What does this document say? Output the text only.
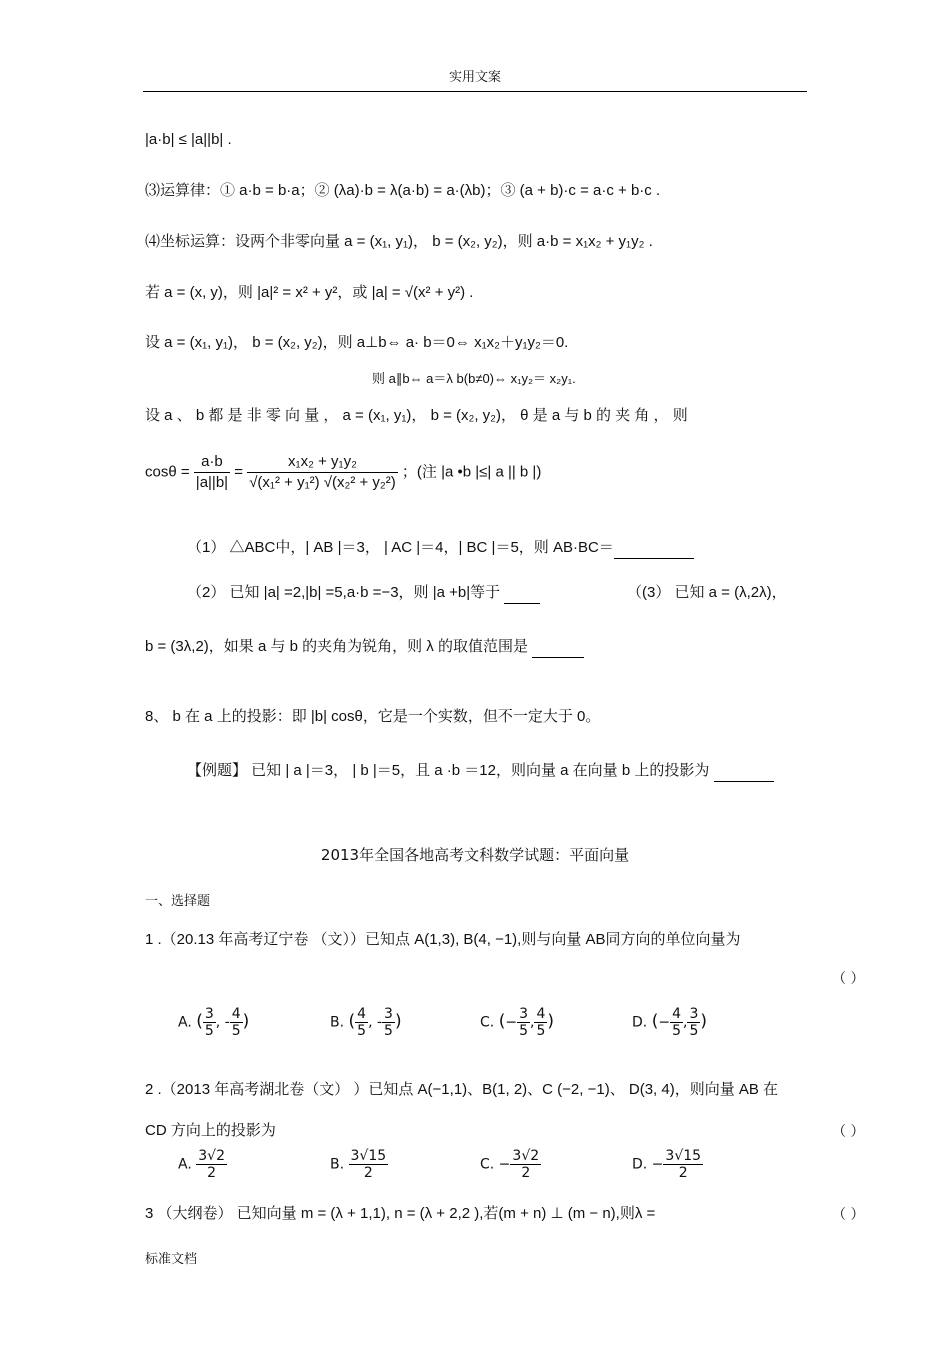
实用文案
|a·b| ≤ |a||b| .
⑶运算律：① a·b = b·a；② (λa)·b = λ(a·b) = a·(λb)；③ (a + b)·c = a·c + b·c .
⑷坐标运算：设两个非零向量 a = (x₁, y₁)， b = (x₂, y₂)，则 a·b = x₁x₂ + y₁y₂ .
若 a = (x, y)，则 |a|² = x² + y²，或 |a| = √(x² + y²) .
设 a = (x₁, y₁)， b = (x₂, y₂)，则 a⊥b⇔ a· b＝0⇔ x₁x₂＋y₁y₂＝0.
则 a∥b⇔ a＝λ b(b≠0)⇔ x₁y₂＝ x₂y₁.
设 a 、 b 都 是 非 零 向 量 ， a = (x₁, y₁)， b = (x₂, y₂)， θ 是 a 与 b 的 夹 角 ， 则
$\cos\theta = \frac{a\cdot b}{|a||b|} = \frac{\text{x₁x₂ + y₁y₂}}{\text{√(x₁² + y₁²) √(x₂² + y₂²)}}$ ；(注 |a •b |≤| a || b |)
（1） △ABC中，| AB |＝3， | AC |＝4，| BC |＝5，则 AB·BC＝
（2） 已知 |a| =2,|b| =5,a·b =−3，则 |a +b|等于	（(3） 已知 a = (λ,2λ)，
b = (3λ,2)，如果 a 与 b 的夹角为锐角，则 λ 的取值范围是
8、 b 在 a 上的投影：即 |b| cosθ，它是一个实数，但不一定大于 0。
【例题】 已知 | a |＝3， | b |＝5，且 a ·b ＝12，则向量 a 在向量 b 上的投影为
2013年全国各地高考文科数学试题：平面向量
一、选择题
1 .（20.13 年高考辽宁卷 （文））已知点 A(1,3), B(4, −1),则与向量 AB同方向的单位向量为
（ ）
A. ( $\frac{3}{5}$ , - $\frac{4}{5}$ )	B. ( $\frac{4}{5}$ , - $\frac{3}{5}$ )	C. (− $\frac{3}{5}$ , $\frac{4}{5}$ )	D. (− $\frac{4}{5}$ , $\frac{3}{5}$ )
2 .（2013 年高考湖北卷（文） ）已知点 A(−1,1)、B(1, 2)、C (−2, −1)、 D(3, 4)，则向量 AB 在
CD 方向上的投影为	（ ）
A. $\frac{3√2}{2}$	B. $\frac{3√15}{2}$	C. − $\frac{3√2}{2}$	D. − $\frac{3√15}{2}$
3 （大纲卷） 已知向量 m = (λ + 1,1), n = (λ + 2,2 ),若(m + n) ⊥ (m − n),则λ =	（ ）
标准文档
